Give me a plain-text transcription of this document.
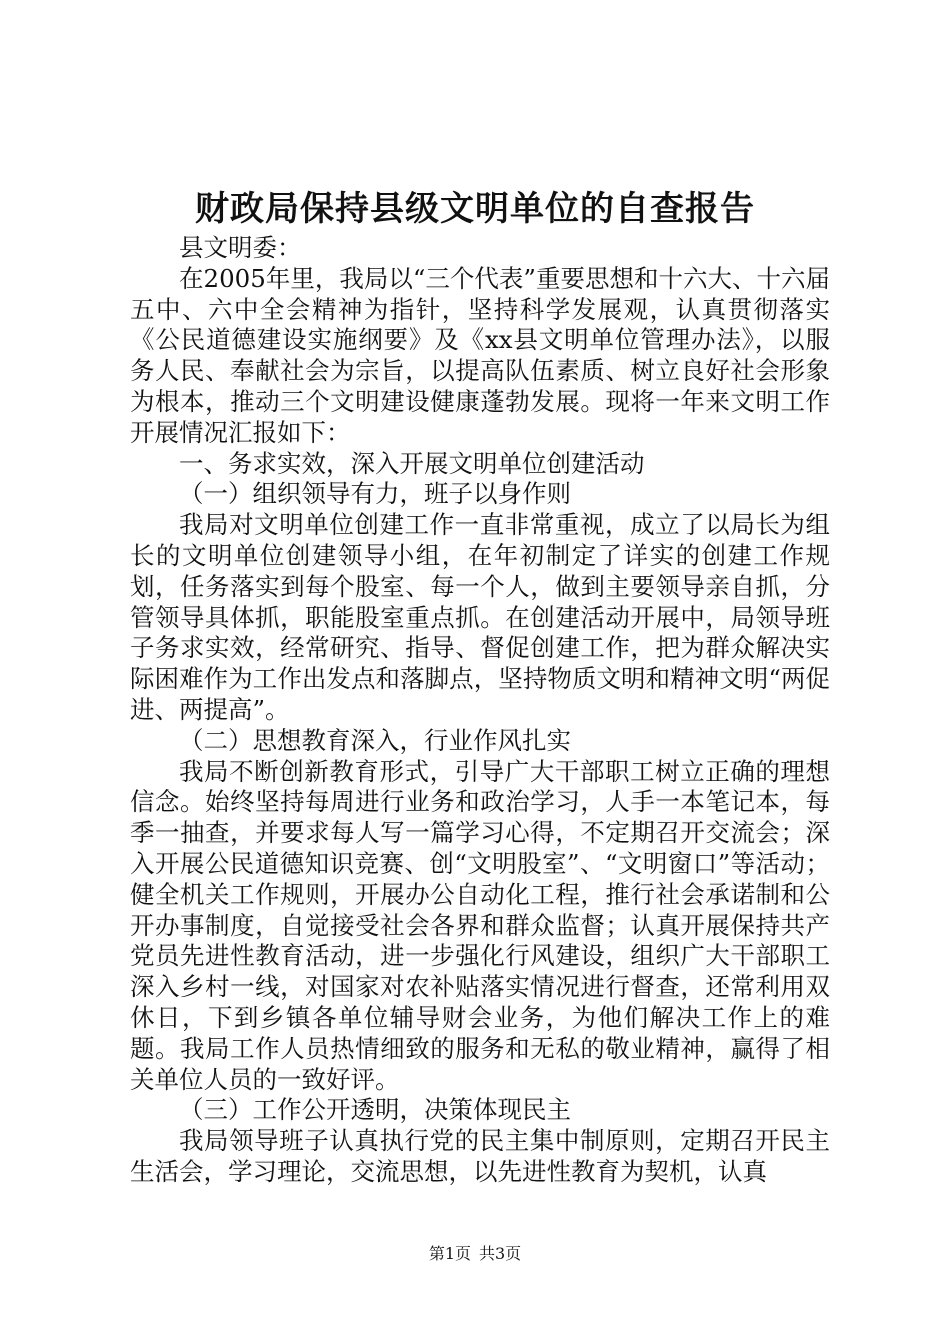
财政局保持县级文明单位的自查报告

县文明委：

在2005年里，我局以“三个代表”重要思想和十六大、十六届五中、六中全会精神为指针，坚持科学发展观，认真贯彻落实《公民道德建设实施纲要》及《xx县文明单位管理办法》，以服务人民、奉献社会为宗旨，以提高队伍素质、树立良好社会形象为根本，推动三个文明建设健康蓬勃发展。现将一年来文明工作开展情况汇报如下：

一、务求实效，深入开展文明单位创建活动

（一）组织领导有力，班子以身作则

我局对文明单位创建工作一直非常重视，成立了以局长为组长的文明单位创建领导小组，在年初制定了详实的创建工作规划，任务落实到每个股室、每一个人，做到主要领导亲自抓，分管领导具体抓，职能股室重点抓。在创建活动开展中，局领导班子务求实效，经常研究、指导、督促创建工作，把为群众解决实际困难作为工作出发点和落脚点，坚持物质文明和精神文明“两促进、两提高”。

（二）思想教育深入，行业作风扎实

我局不断创新教育形式，引导广大干部职工树立正确的理想信念。始终坚持每周进行业务和政治学习，人手一本笔记本，每季一抽查，并要求每人写一篇学习心得，不定期召开交流会；深入开展公民道德知识竞赛、创“文明股室”、“文明窗口”等活动；健全机关工作规则，开展办公自动化工程，推行社会承诺制和公开办事制度，自觉接受社会各界和群众监督；认真开展保持共产党员先进性教育活动，进一步强化行风建设，组织广大干部职工深入乡村一线，对国家对农补贴落实情况进行督查，还常利用双休日，下到乡镇各单位辅导财会业务，为他们解决工作上的难题。我局工作人员热情细致的服务和无私的敬业精神，赢得了相关单位人员的一致好评。

（三）工作公开透明，决策体现民主

我局领导班子认真执行党的民主集中制原则，定期召开民主生活会，学习理论，交流思想，以先进性教育为契机，认真

第1页 共3页
